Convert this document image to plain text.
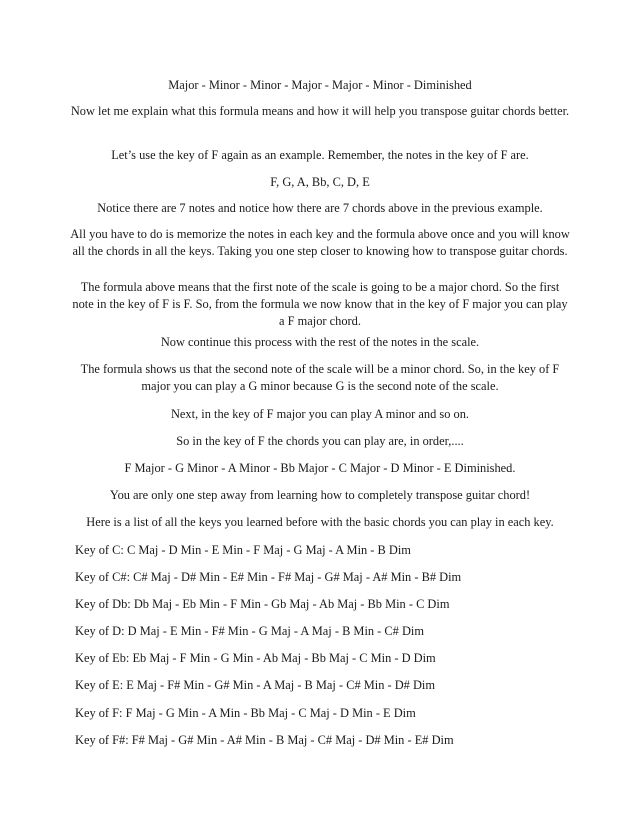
Major - Minor - Minor - Major - Major - Minor - Diminished

Now let me explain what this formula means and how it will help you transpose guitar chords better.

Let’s use the key of F again as an example. Remember, the notes in the key of F are.

F, G, A, Bb, C, D, E

Notice there are 7 notes and notice how there are 7 chords above in the previous example.

All you have to do is memorize the notes in each key and the formula above once and you will know all the chords in all the keys. Taking you one step closer to knowing how to transpose guitar chords.

The formula above means that the first note of the scale is going to be a major chord. So the first note in the key of F is F. So, from the formula we now know that in the key of F major you can play a F major chord.

Now continue this process with the rest of the notes in the scale.

The formula shows us that the second note of the scale will be a minor chord. So, in the key of F major you can play a G minor because G is the second note of the scale.

Next, in the key of F major you can play A minor and so on.

So in the key of F the chords you can play are, in order,....

F Major - G Minor - A Minor - Bb Major - C Major - D Minor - E Diminished.

You are only one step away from learning how to completely transpose guitar chord!

Here is a list of all the keys you learned before with the basic chords you can play in each key.

Key of C: C Maj - D Min - E Min - F Maj - G Maj - A Min - B Dim

Key of C#: C# Maj - D# Min - E# Min - F# Maj - G# Maj - A# Min - B# Dim

Key of Db: Db Maj - Eb Min - F Min - Gb Maj - Ab Maj - Bb Min - C Dim

Key of D: D Maj - E Min - F# Min - G Maj - A Maj - B Min - C# Dim

Key of Eb: Eb Maj - F Min - G Min - Ab Maj - Bb Maj - C Min - D Dim

Key of E: E Maj - F# Min - G# Min - A Maj - B Maj - C# Min - D# Dim

Key of F: F Maj - G Min - A Min - Bb Maj - C Maj - D Min - E Dim

Key of F#: F# Maj - G# Min - A# Min - B Maj - C# Maj - D# Min - E# Dim
